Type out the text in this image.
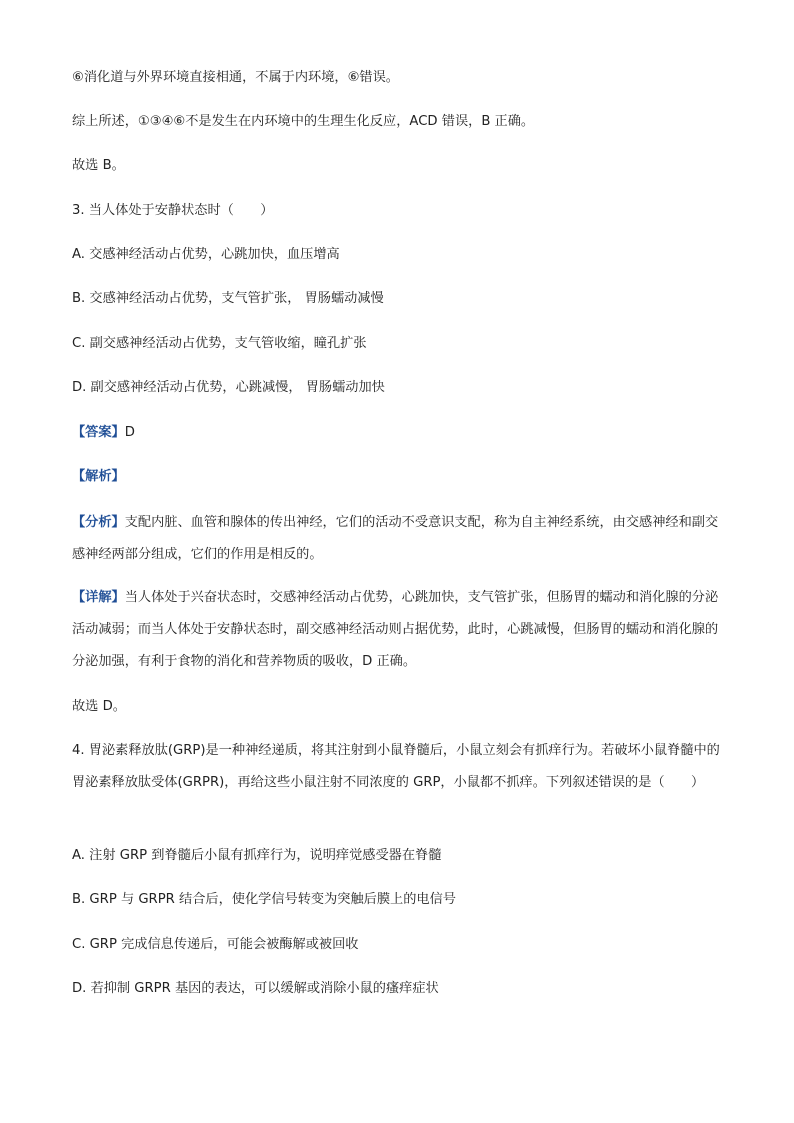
⑥消化道与外界环境直接相通，不属于内环境，⑥错误。
综上所述，①③④⑥不是发生在内环境中的生理生化反应，ACD 错误，B 正确。
故选 B。
3. 当人体处于安静状态时（　　）
A. 交感神经活动占优势，心跳加快，血压增高
B. 交感神经活动占优势，支气管扩张， 胃肠蠕动减慢
C. 副交感神经活动占优势，支气管收缩，瞳孔扩张
D. 副交感神经活动占优势，心跳减慢， 胃肠蠕动加快
【答案】D
【解析】
【分析】支配内脏、血管和腺体的传出神经，它们的活动不受意识支配，称为自主神经系统，由交感神经和副交感神经两部分组成，它们的作用是相反的。
【详解】当人体处于兴奋状态时，交感神经活动占优势，心跳加快，支气管扩张，但肠胃的蠕动和消化腺的分泌活动减弱；而当人体处于安静状态时，副交感神经活动则占据优势，此时，心跳减慢，但肠胃的蠕动和消化腺的分泌加强，有利于食物的消化和营养物质的吸收，D 正确。
故选 D。
4. 胃泌素释放肽(GRP)是一种神经递质，将其注射到小鼠脊髓后，小鼠立刻会有抓痒行为。若破坏小鼠脊髓中的胃泌素释放肽受体(GRPR)，再给这些小鼠注射不同浓度的 GRP，小鼠都不抓痒。下列叙述错误的是（　　）
A. 注射 GRP 到脊髓后小鼠有抓痒行为，说明痒觉感受器在脊髓
B. GRP 与 GRPR 结合后，使化学信号转变为突触后膜上的电信号
C. GRP 完成信息传递后，可能会被酶解或被回收
D. 若抑制 GRPR 基因的表达，可以缓解或消除小鼠的瘙痒症状
